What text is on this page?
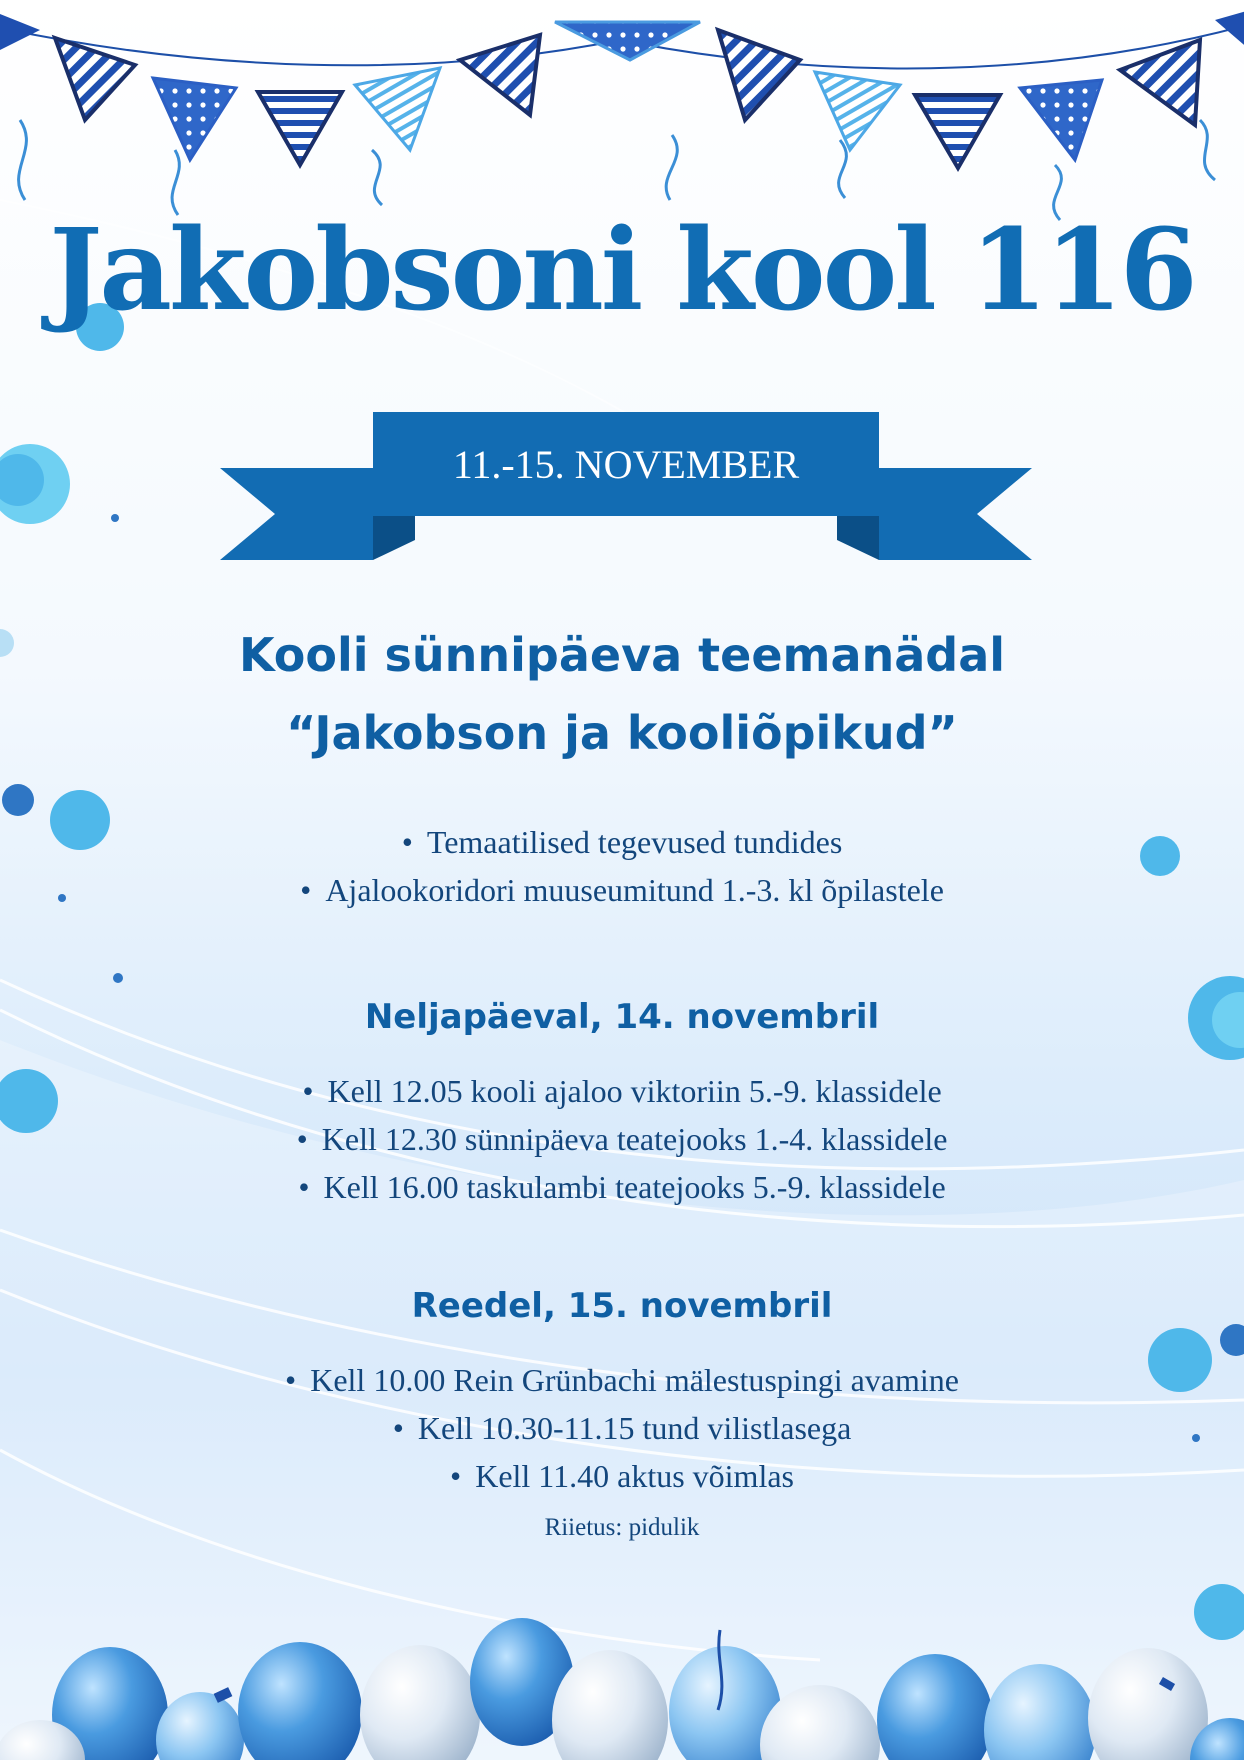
Jakobsoni kool 116
11.-15. NOVEMBER
Kooli sünnipäeva teemanädal
“Jakobson ja kooliõpikud”
• Temaatilised tegevused tundides
• Ajalookoridori muuseumitund 1.-3. kl õpilastele
Neljapäeval, 14. novembril
• Kell 12.05 kooli ajaloo viktoriin 5.-9. klassidele
• Kell 12.30 sünnipäeva teatejooks 1.-4. klassidele
• Kell 16.00 taskulambi teatejooks 5.-9. klassidele
Reedel, 15. novembril
• Kell 10.00 Rein Grünbachi mälestuspingi avamine
• Kell 10.30-11.15 tund vilistlasega
• Kell 11.40 aktus võimlas
Riietus: pidulik
